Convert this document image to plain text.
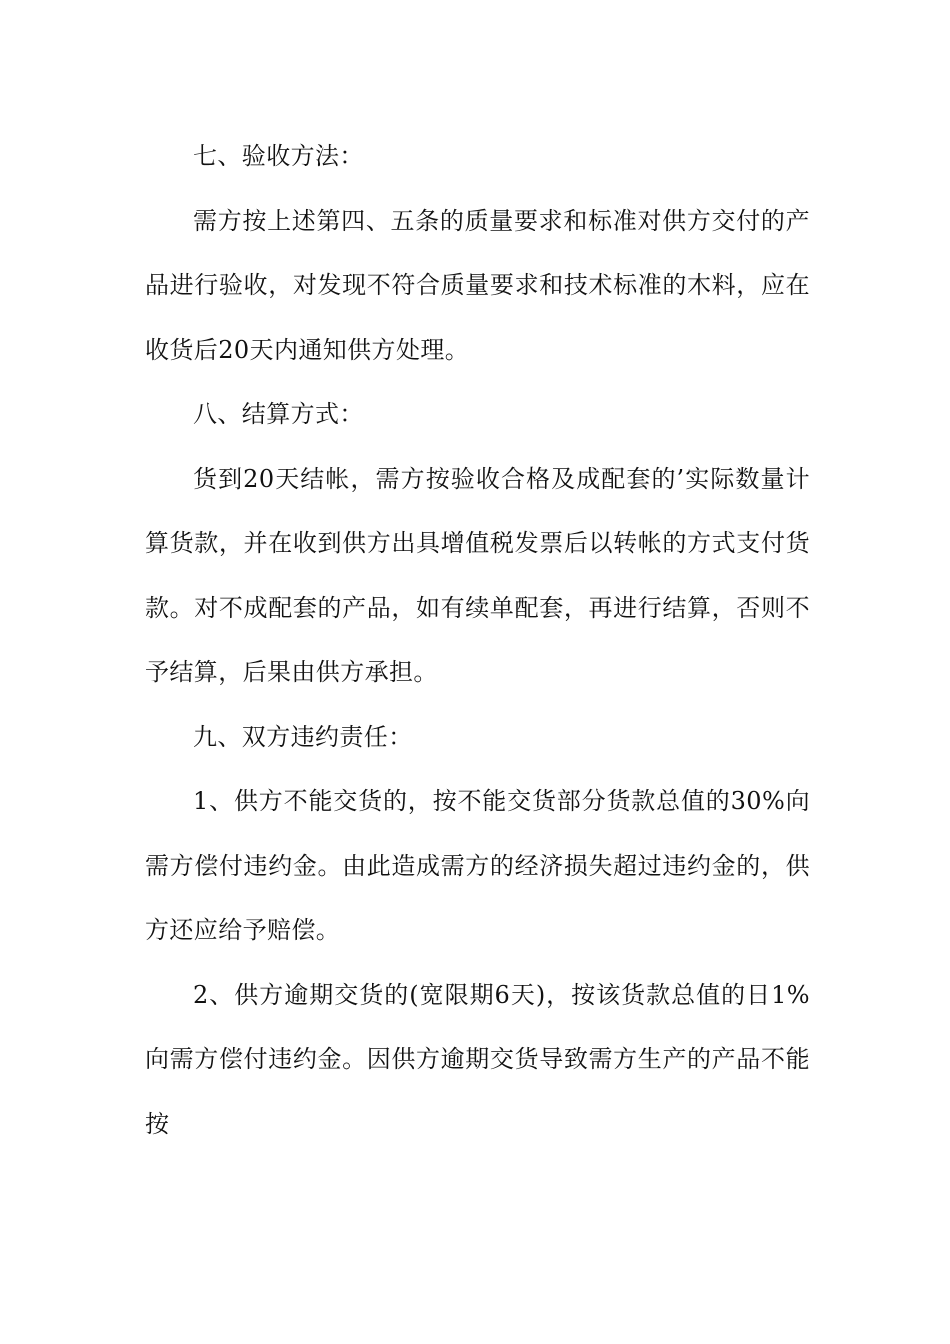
七、验收方法：

需方按上述第四、五条的质量要求和标准对供方交付的产品进行验收，对发现不符合质量要求和技术标准的木料，应在收货后20天内通知供方处理。

八、结算方式：

货到20天结帐，需方按验收合格及成配套的’实际数量计算货款，并在收到供方出具增值税发票后以转帐的方式支付货款。对不成配套的产品，如有续单配套，再进行结算，否则不予结算，后果由供方承担。

九、双方违约责任：

1、供方不能交货的，按不能交货部分货款总值的30%向需方偿付违约金。由此造成需方的经济损失超过违约金的，供方还应给予赔偿。

2、供方逾期交货的(宽限期6天)，按该货款总值的日1%向需方偿付违约金。因供方逾期交货导致需方生产的产品不能按
